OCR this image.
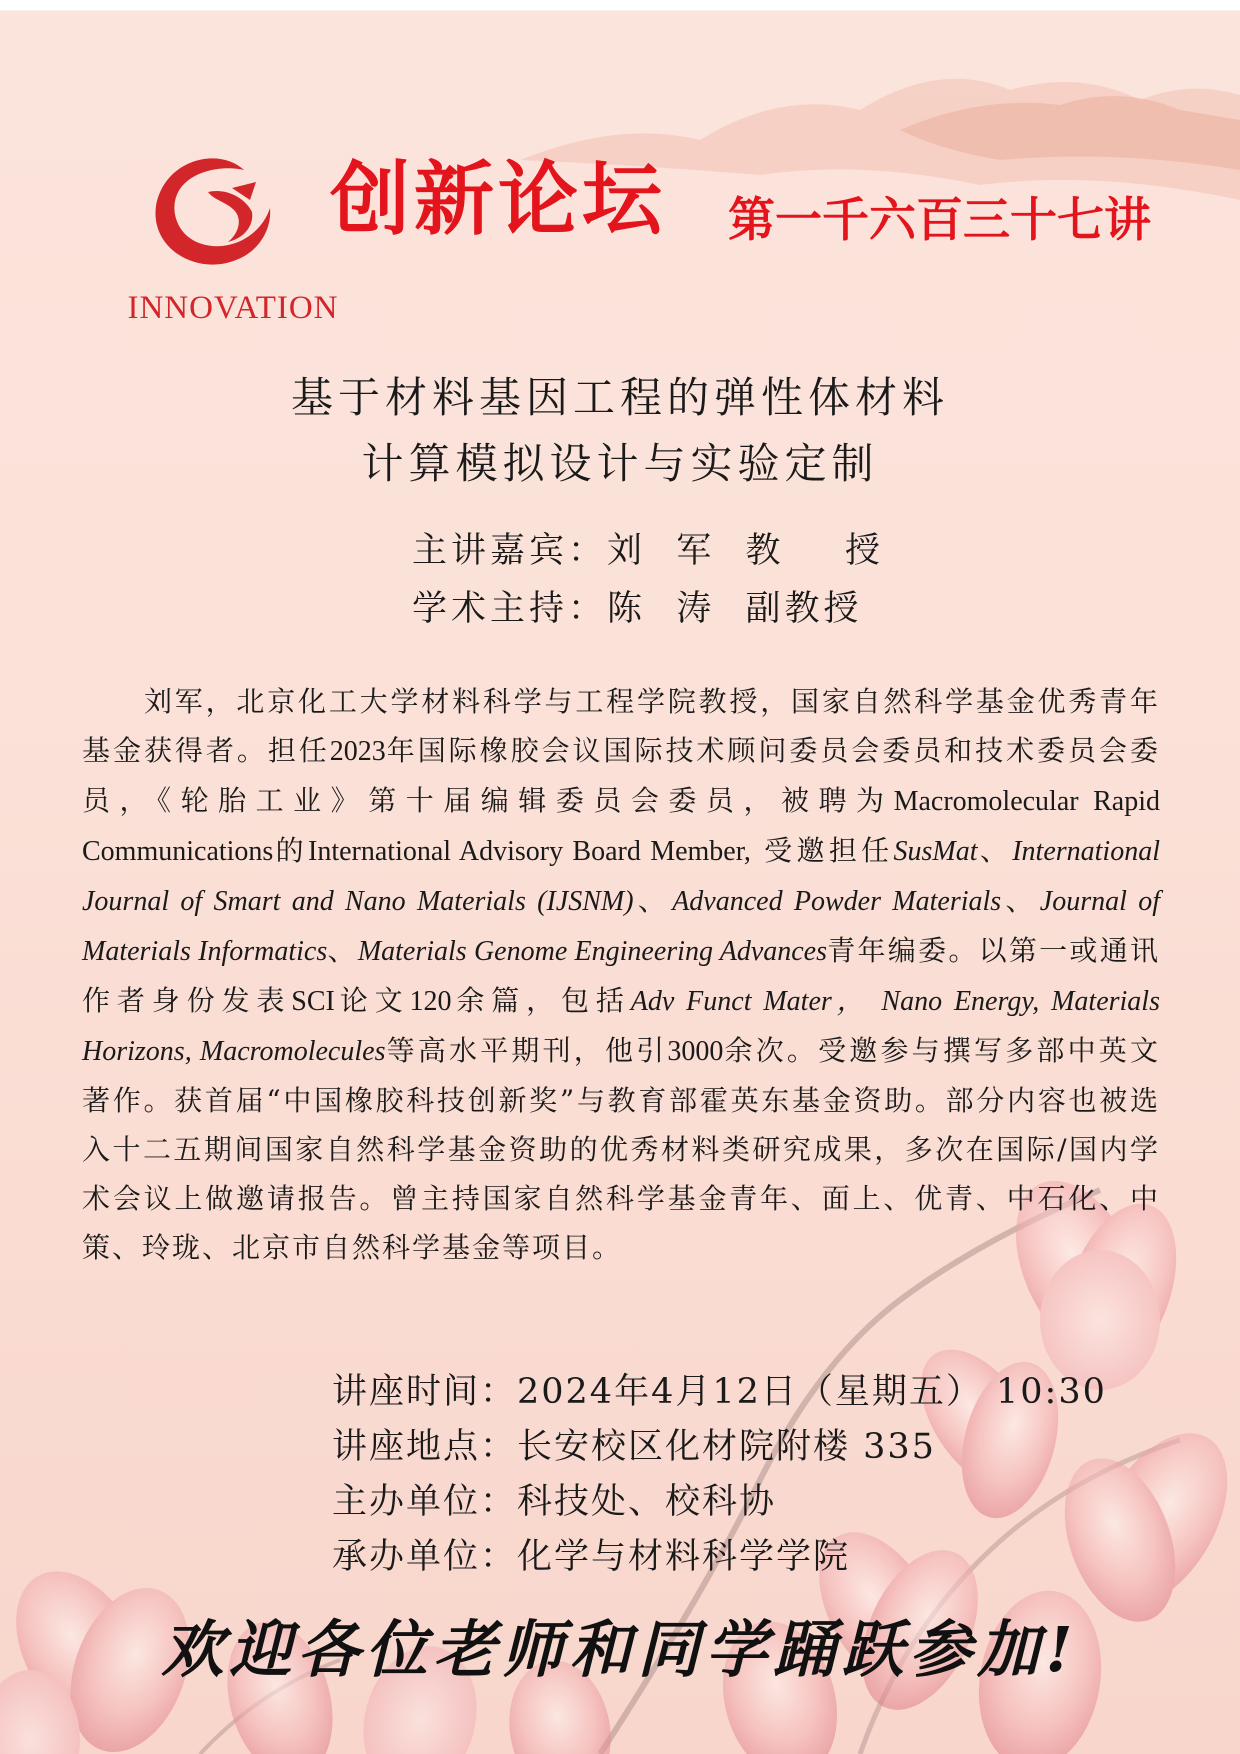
INNOVATION
创新论坛 第一千六百三十七讲
基于材料基因工程的弹性体材料
计算模拟设计与实验定制
主讲嘉宾：刘  军  教    授
学术主持：陈  涛  副教授

刘军，北京化工大学材料科学与工程学院教授，国家自然科学基金优秀青年基金获得者。担任2023年国际橡胶会议国际技术顾问委员会委员和技术委员会委员，《轮胎工业》第十届编辑委员会委员，被聘为Macromolecular Rapid Communications的International Advisory Board Member, 受邀担任SusMat、International Journal of Smart and Nano Materials (IJSNM)、Advanced Powder Materials、Journal of Materials Informatics、Materials Genome Engineering Advances青年编委。以第一或通讯作者身份发表SCI论文120余篇，包括Adv Funct Mater， Nano Energy, Materials Horizons, Macromolecules等高水平期刊，他引3000余次。受邀参与撰写多部中英文著作。获首届“中国橡胶科技创新奖”与教育部霍英东基金资助。部分内容也被选入十二五期间国家自然科学基金资助的优秀材料类研究成果，多次在国际/国内学术会议上做邀请报告。曾主持国家自然科学基金青年、面上、优青、中石化、中策、玲珑、北京市自然科学基金等项目。

讲座时间：2024年4月12日（星期五） 10:30
讲座地点：长安校区化材院附楼 335
主办单位：科技处、校科协
承办单位：化学与材料科学学院
欢迎各位老师和同学踊跃参加!
